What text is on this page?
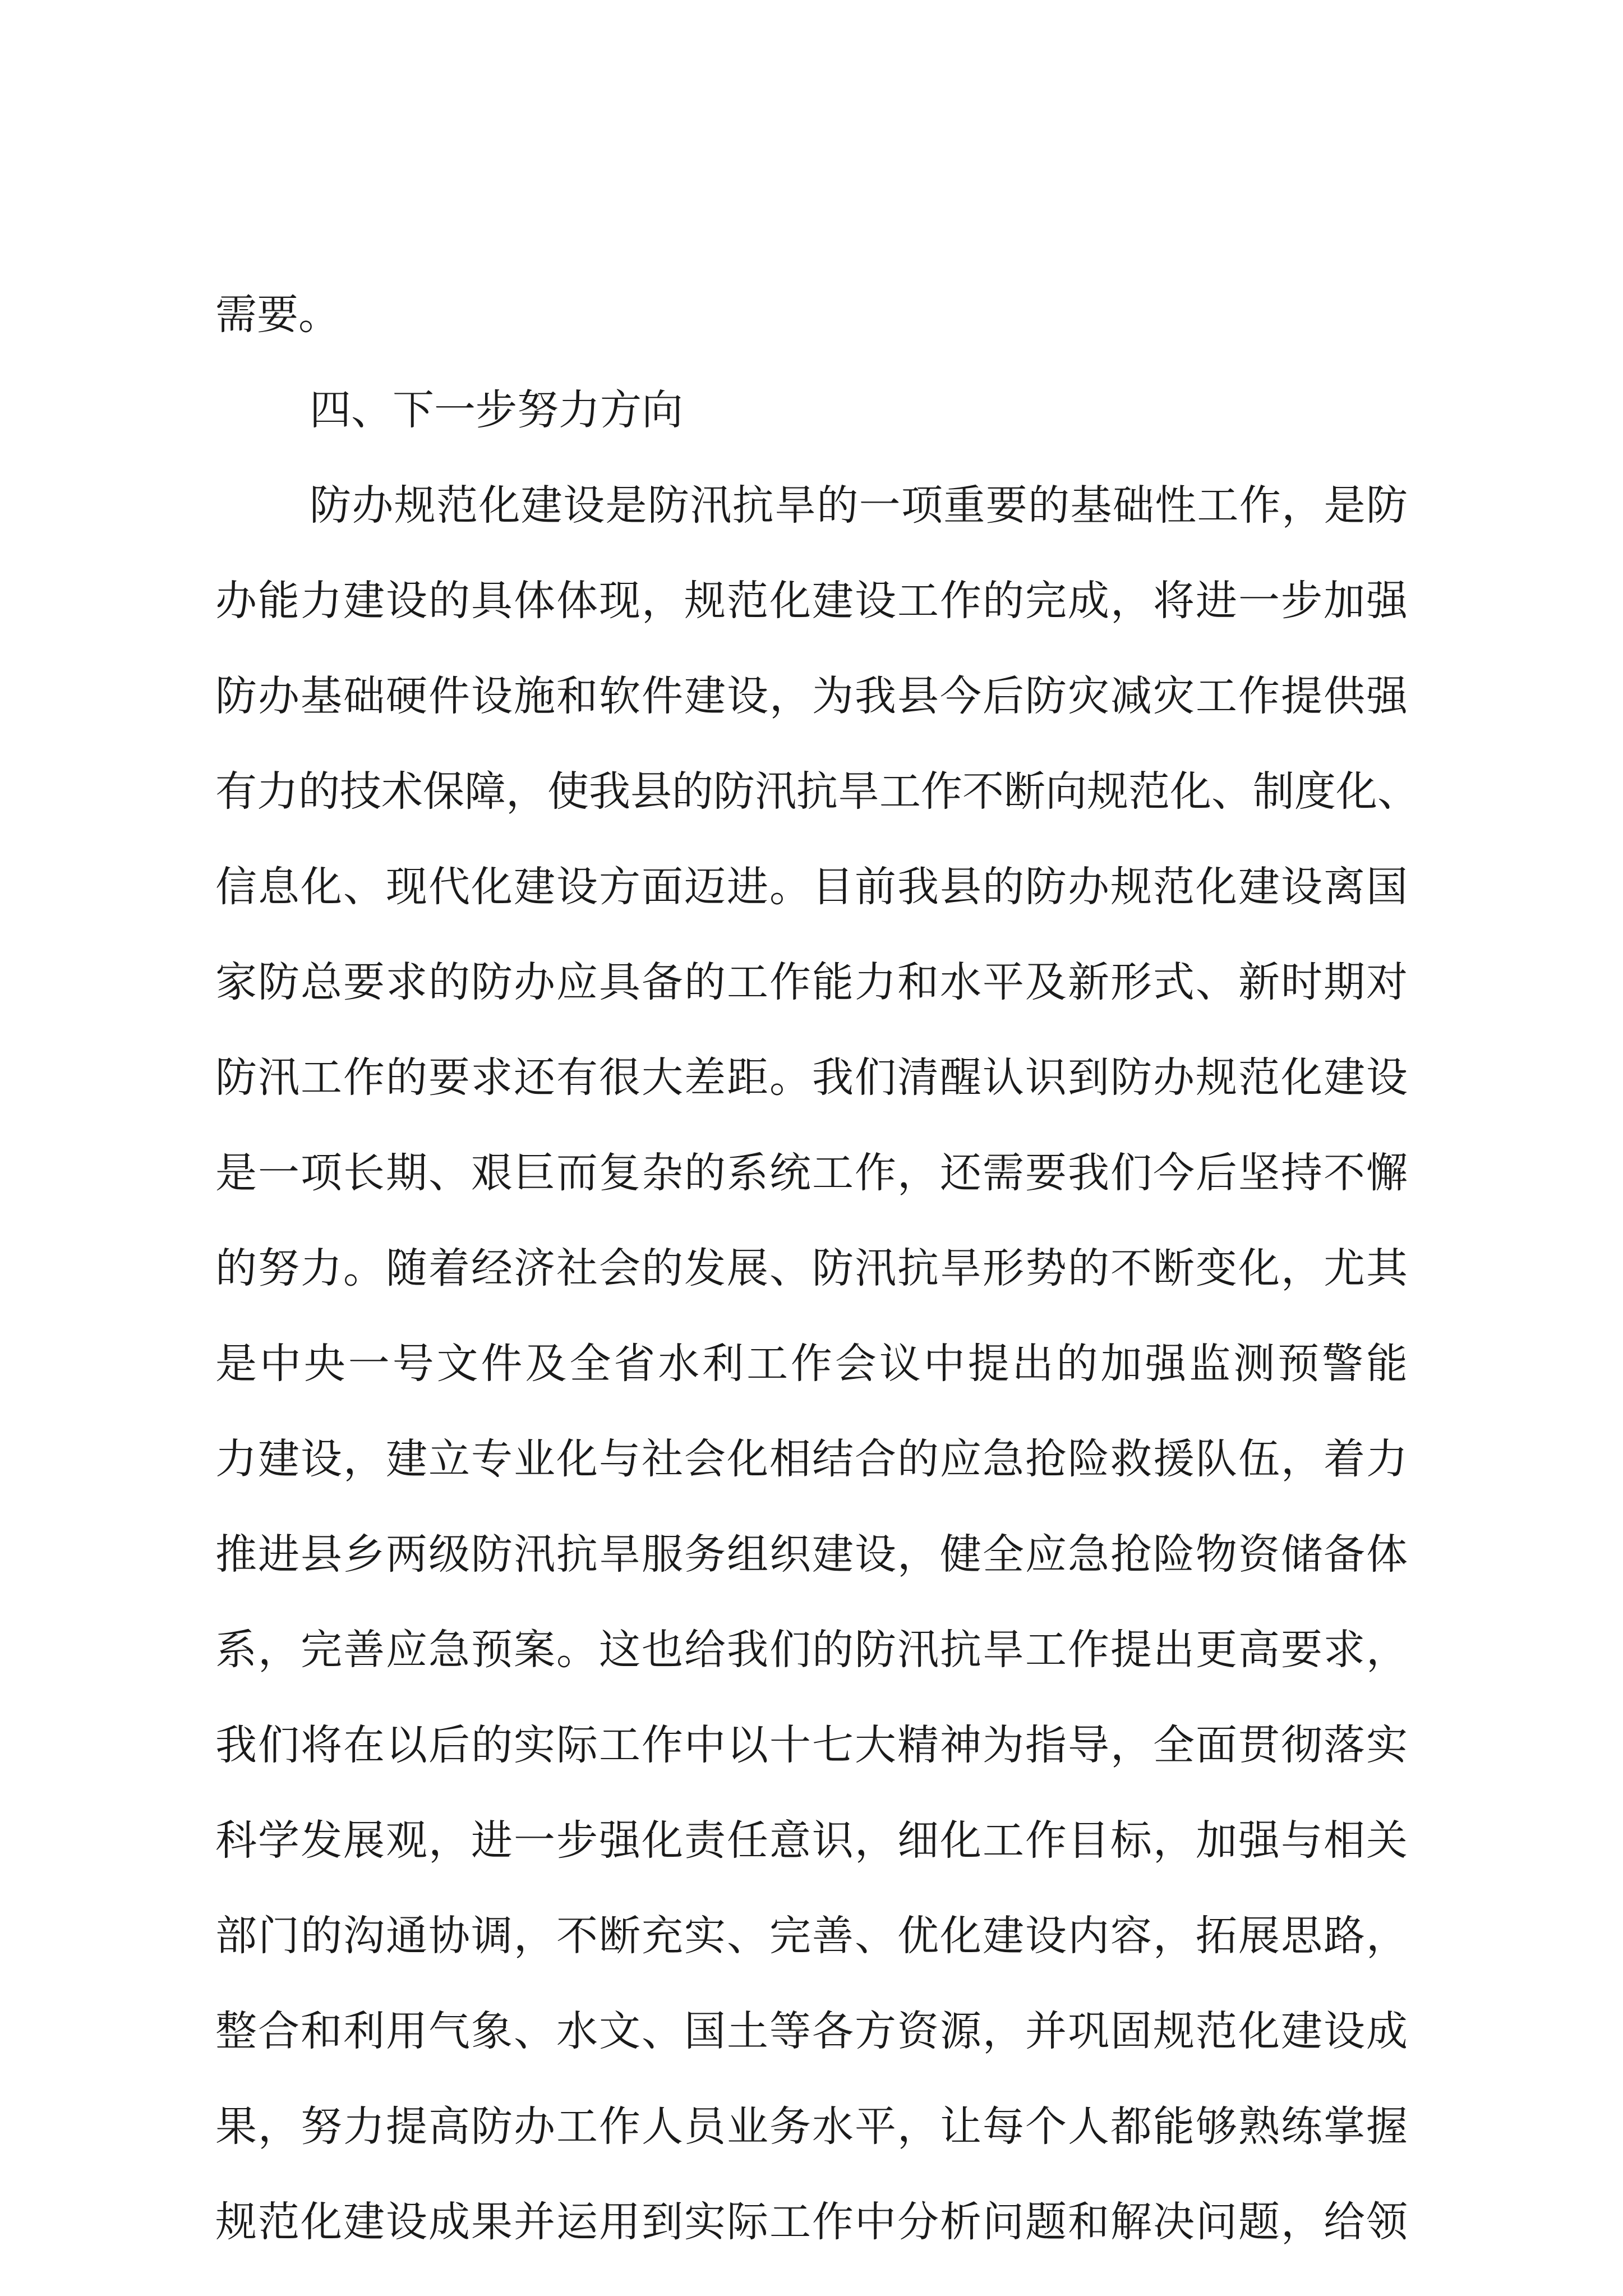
需要。
四、下一步努力方向
防办规范化建设是防汛抗旱的一项重要的基础性工作，是防
办能力建设的具体体现，规范化建设工作的完成，将进一步加强
防办基础硬件设施和软件建设，为我县今后防灾减灾工作提供强
有力的技术保障，使我县的防汛抗旱工作不断向规范化、制度化、
信息化、现代化建设方面迈进。目前我县的防办规范化建设离国
家防总要求的防办应具备的工作能力和水平及新形式、新时期对
防汛工作的要求还有很大差距。我们清醒认识到防办规范化建设
是一项长期、艰巨而复杂的系统工作，还需要我们今后坚持不懈
的努力。随着经济社会的发展、防汛抗旱形势的不断变化，尤其
是中央一号文件及全省水利工作会议中提出的加强监测预警能
力建设，建立专业化与社会化相结合的应急抢险救援队伍，着力
推进县乡两级防汛抗旱服务组织建设，健全应急抢险物资储备体
系，完善应急预案。这也给我们的防汛抗旱工作提出更高要求，
我们将在以后的实际工作中以十七大精神为指导，全面贯彻落实
科学发展观，进一步强化责任意识，细化工作目标，加强与相关
部门的沟通协调，不断充实、完善、优化建设内容，拓展思路，
整合和利用气象、水文、国土等各方资源，并巩固规范化建设成
果，努力提高防办工作人员业务水平，让每个人都能够熟练掌握
规范化建设成果并运用到实际工作中分析问题和解决问题，给领
